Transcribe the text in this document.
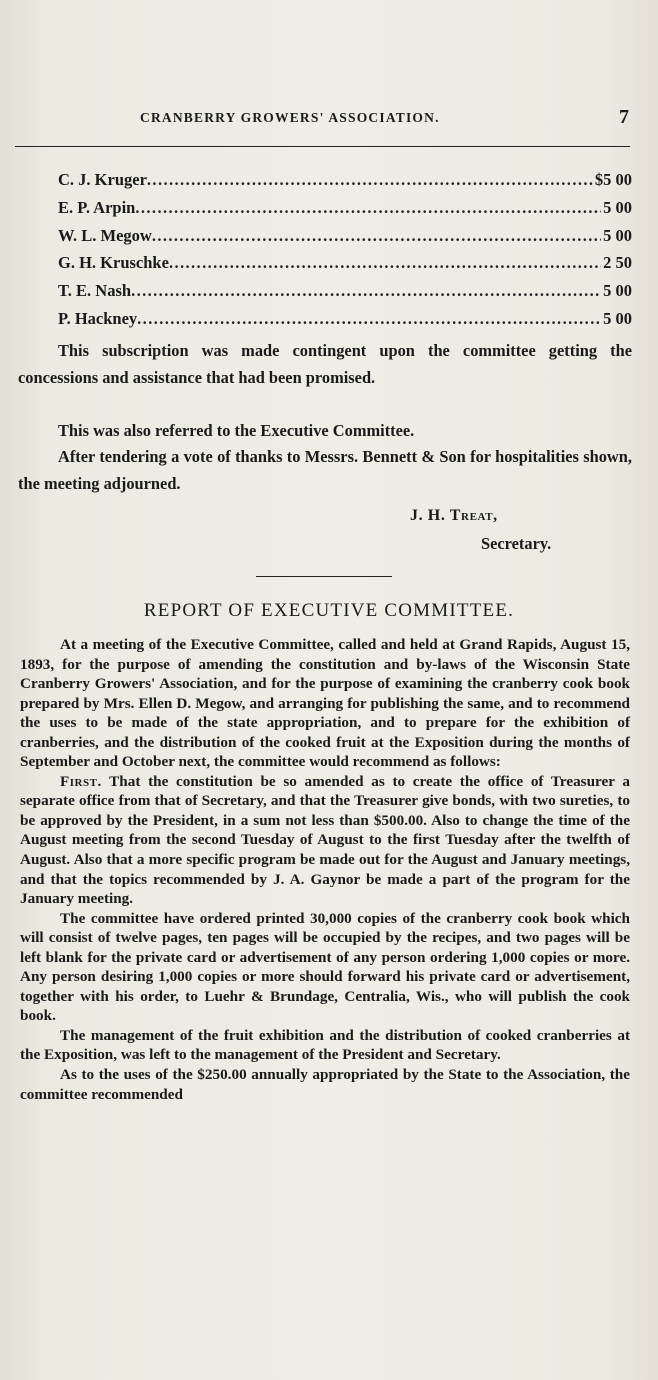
CRANBERRY GROWERS' ASSOCIATION.	7
C. J. Kruger .....	$5 00
E. P. Arpin .....	5 00
W. L. Megow .....	5 00
G. H. Kruschke .....	2 50
T. E. Nash .....	5 00
P. Hackney .....	5 00
This subscription was made contingent upon the committee getting the concessions and assistance that had been promised.
This was also referred to the Executive Committee.
After tendering a vote of thanks to Messrs. Bennett & Son for hospitalities shown, the meeting adjourned.
J. H. Treat,
Secretary.
REPORT OF EXECUTIVE COMMITTEE.

At a meeting of the Executive Committee, called and held at Grand Rapids, August 15, 1893, for the purpose of amending the constitution and by-laws of the Wisconsin State Cranberry Growers' Association, and for the purpose of examining the cranberry cook book prepared by Mrs. Ellen D. Megow, and arranging for publishing the same, and to recommend the uses to be made of the state appropriation, and to prepare for the exhibition of cranberries, and the distribution of the cooked fruit at the Exposition during the months of September and October next, the committee would recommend as follows:

First. That the constitution be so amended as to create the office of Treasurer a separate office from that of Secretary, and that the Treasurer give bonds, with two sureties, to be approved by the President, in a sum not less than $500.00. Also to change the time of the August meeting from the second Tuesday of August to the first Tuesday after the twelfth of August. Also that a more specific program be made out for the August and January meetings, and that the topics recommended by J. A. Gaynor be made a part of the program for the January meeting.

The committee have ordered printed 30,000 copies of the cranberry cook book which will consist of twelve pages, ten pages will be occupied by the recipes, and two pages will be left blank for the private card or advertisement of any person ordering 1,000 copies or more. Any person desiring 1,000 copies or more should forward his private card or advertisement, together with his order, to Luehr & Brundage, Centralia, Wis., who will publish the cook book.

The management of the fruit exhibition and the distribution of cooked cranberries at the Exposition, was left to the management of the President and Secretary.

As to the uses of the $250.00 annually appropriated by the State to the Association, the committee recommended
